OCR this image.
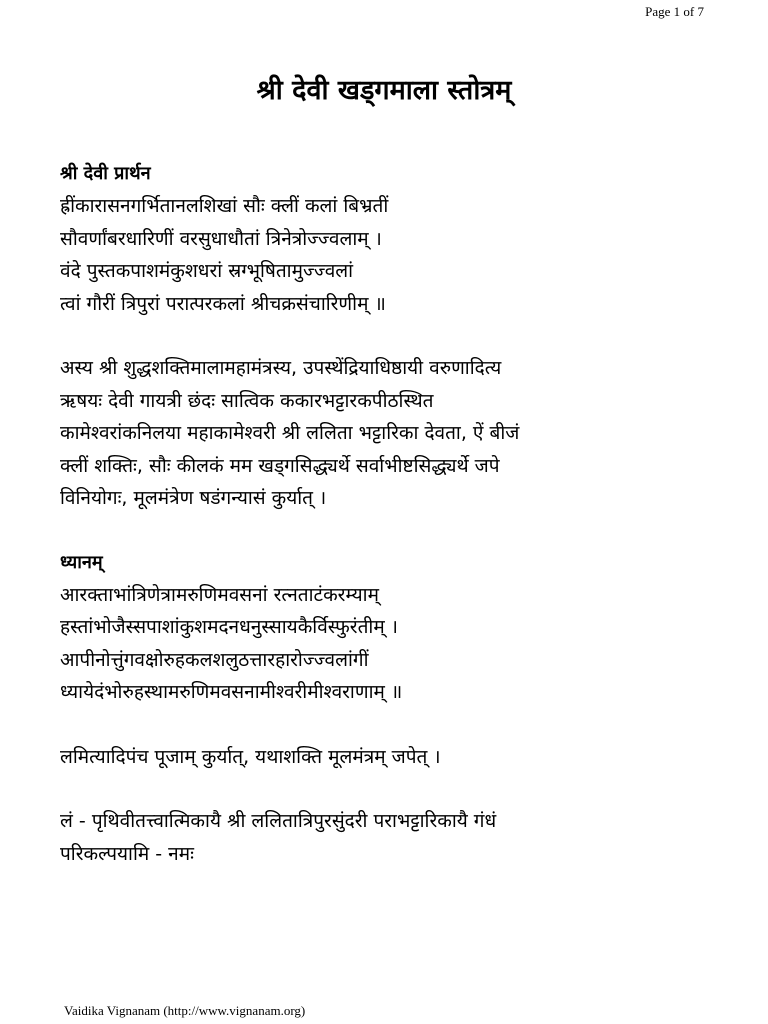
Page 1 of 7
श्री देवी खड्गमाला स्तोत्रम्

श्री देवी प्रार्थन

ह्रींकारासनगर्भितानलशिखां सौः क्लीं कलां बिभ्रतीं

सौवर्णांबरधारिणीं वरसुधाधौतां त्रिनेत्रोज्ज्वलाम् ।

वंदे पुस्तकपाशमंकुशधरां स्रग्भूषितामुज्ज्वलां

त्वां गौरीं त्रिपुरां परात्परकलां श्रीचक्रसंचारिणीम् ॥

अस्य श्री शुद्धशक्तिमालामहामंत्रस्य, उपस्थेंद्रियाधिष्ठायी वरुणादित्य

ऋषयः देवी गायत्री छंदः सात्विक ककारभट्टारकपीठस्थित

कामेश्वरांकनिलया महाकामेश्वरी श्री ललिता भट्टारिका देवता, ऐं बीजं

क्लीं शक्तिः, सौः कीलकं मम खड्गसिद्ध्यर्थे सर्वाभीष्टसिद्ध्यर्थे जपे

विनियोगः, मूलमंत्रेण षडंगन्यासं कुर्यात् ।

ध्यानम्

आरक्ताभांत्रिणेत्रामरुणिमवसनां रत्नताटंकरम्याम्

हस्तांभोजैस्सपाशांकुशमदनधनुस्सायकैर्विस्फुरंतीम् ।

आपीनोत्तुंगवक्षोरुहकलशलुठत्तारहारोज्ज्वलांगीं

ध्यायेदंभोरुहस्थामरुणिमवसनामीश्वरीमीश्वराणाम् ॥

लमित्यादिपंच पूजाम् कुर्यात्, यथाशक्ति मूलमंत्रम् जपेत् ।

लं - पृथिवीतत्त्वात्मिकायै श्री ललितात्रिपुरसुंदरी पराभट्टारिकायै गंधं

परिकल्पयामि - नमः

Vaidika Vignanam (http://www.vignanam.org)
